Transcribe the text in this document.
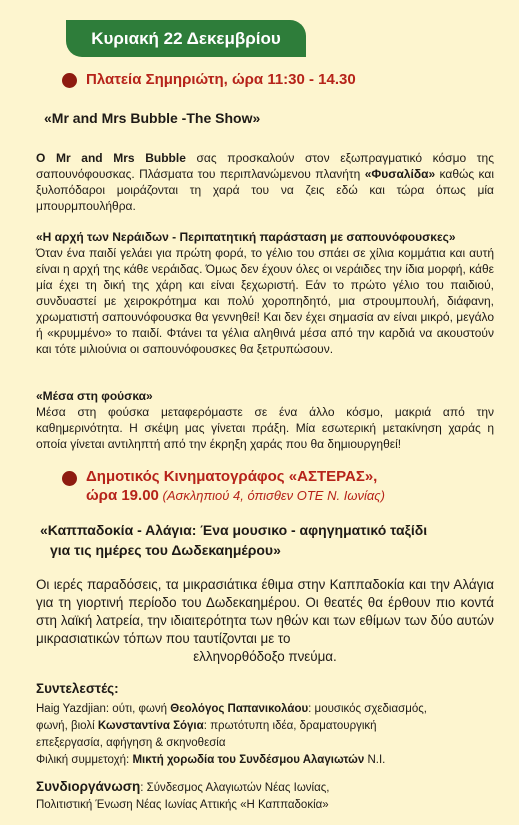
Κυριακή 22 Δεκεμβρίου
Πλατεία Σημηριώτη, ώρα 11:30 - 14.30
«Mr and Mrs Bubble -The Show»
Ο Mr and Mrs Bubble σας προσκαλούν στον εξωπραγματικό κόσμο της σαπουνόφουσκας. Πλάσματα του περιπλανώμενου πλανήτη «Φυσαλίδα» καθώς και ξυλοπόδαροι μοιράζονται τη χαρά του να ζεις εδώ και τώρα όπως μία μπουρμπουλήθρα.
«Η αρχή των Νεράιδων - Περιπατητική παράσταση με σαπουνόφουσκες»
Όταν ένα παιδί γελάει για πρώτη φορά, το γέλιο του σπάει σε χίλια κομμάτια και αυτή είναι η αρχή της κάθε νεράιδας. Όμως δεν έχουν όλες οι νεράιδες την ίδια μορφή, κάθε μία έχει τη δική της χάρη και είναι ξεχωριστή. Εάν το πρώτο γέλιο του παιδιού, συνδυαστεί με χειροκρότημα και πολύ χοροπηδητό, μια στρουμπουλή, διάφανη, χρωματιστή σαπουνόφουσκα θα γεννηθεί! Και δεν έχει σημασία αν είναι μικρό, μεγάλο ή «κρυμμένο» το παιδί. Φτάνει τα γέλια αληθινά μέσα από την καρδιά να ακουστούν και τότε μιλιούνια οι σαπουνόφουσκες θα ξετρυπώσουν.
«Μέσα στη φούσκα»
Μέσα στη φούσκα μεταφερόμαστε σε ένα άλλο κόσμο, μακριά από την καθημερινότητα. Η σκέψη μας γίνεται πράξη. Μία εσωτερική μετακίνηση χαράς η οποία γίνεται αντιληπτή από την έκρηξη χαράς που θα δημιουργηθεί!
Δημοτικός Κινηματογράφος «ΑΣΤΕΡΑΣ»,
ώρα 19.00 (Ασκληπιού 4, όπισθεν ΟΤΕ Ν. Ιωνίας)
«Καππαδοκία - Αλάγια: Ένα μουσικο - αφηγηματικό ταξίδι
για τις ημέρες του Δωδεκαημέρου»
Οι ιερές παραδόσεις, τα μικρασιάτικα έθιμα στην Καππαδοκία και την Αλάγια για τη γιορτινή περίοδο του Δωδεκαημέρου. Οι θεατές θα έρθουν πιο κοντά στη λαϊκή λατρεία, την ιδιαιτερότητα των ηθών και των εθίμων των δύο αυτών μικρασιατικών τόπων που ταυτίζονται με το
ελληνορθόδοξο πνεύμα.
Συντελεστές:
Haig Yazdjian: ούτι, φωνή Θεολόγος Παπανικολάου: μουσικός σχεδιασμός,
φωνή, βιολί Κωνσταντίνα Σόγια: πρωτότυπη ιδέα, δραματουργική
επεξεργασία, αφήγηση & σκηνοθεσία
Φιλική συμμετοχή: Μικτή χορωδία του Συνδέσμου Αλαγιωτών Ν.Ι.
Συνδιοργάνωση: Σύνδεσμος Αλαγιωτών Νέας Ιωνίας,
Πολιτιστική Ένωση Νέας Ιωνίας Αττικής «Η Καππαδοκία»
